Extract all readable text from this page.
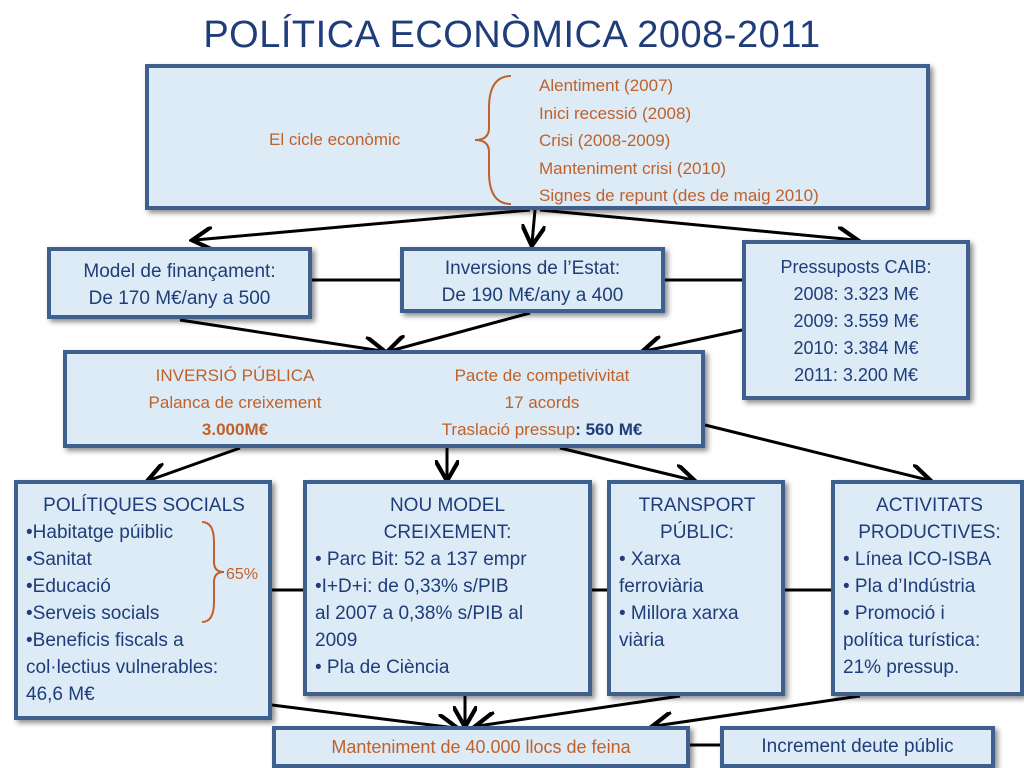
POLÍTICA ECONÒMICA 2008-2011
El cicle econòmic
Alentiment (2007)
Inici recessió (2008)
Crisi (2008-2009)
Manteniment crisi (2010)
Signes de repunt (des de maig 2010)
Model de finançament:
De 170 M€/any a 500
Inversions de l’Estat:
De 190 M€/any a 400
Pressuposts CAIB:
2008: 3.323 M€
2009: 3.559 M€
2010: 3.384 M€
2011: 3.200 M€
INVERSIÓ PÚBLICA
Palanca de creixement
3.000M€
Pacte de competivivitat
17 acords
Traslació pressup: 560 M€
POLÍTIQUES SOCIALS
•Habitatge púiblic
•Sanitat
•Educació
•Serveis socials
•Beneficis fiscals a
col·lectius vulnerables:
46,6 M€
65%
NOU MODEL
CREIXEMENT:
• Parc Bit: 52 a 137 empr
•I+D+i: de 0,33% s/PIB
al 2007 a 0,38% s/PIB al
2009
• Pla de Ciència
TRANSPORT
PÚBLIC:
• Xarxa
ferroviària
• Millora xarxa
viària
ACTIVITATS
PRODUCTIVES:
• Línea ICO-ISBA
• Pla d’Indústria
• Promoció i
política turística:
21% pressup.
Manteniment de 40.000 llocs de feina	Increment deute públic
